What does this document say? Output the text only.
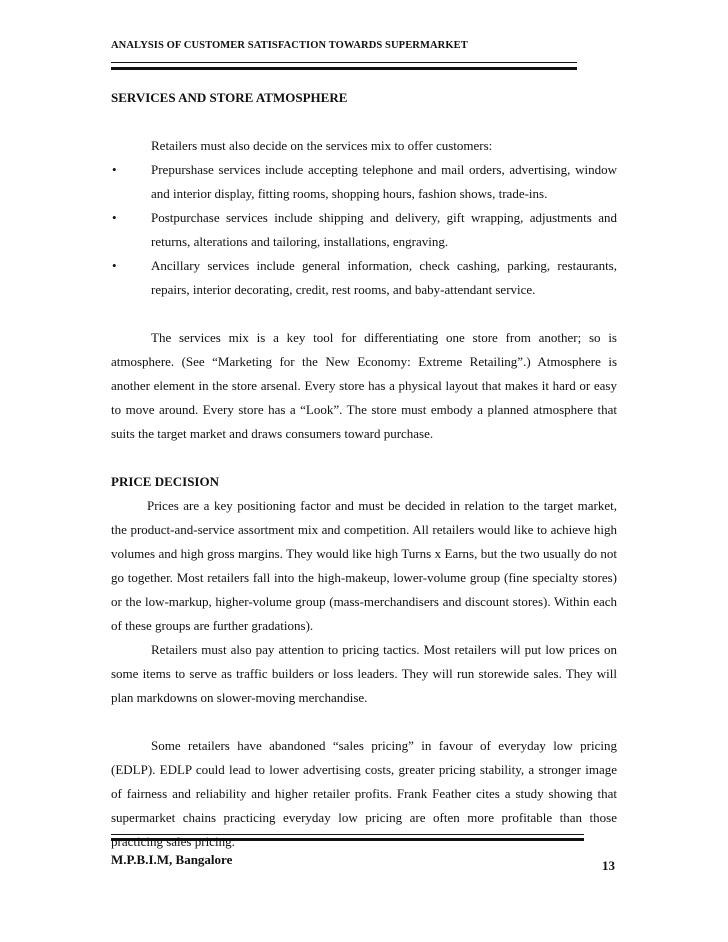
ANALYSIS OF CUSTOMER SATISFACTION TOWARDS SUPERMARKET
SERVICES AND STORE ATMOSPHERE

Retailers must also decide on the services mix to offer customers:

•	Prepurshase services include accepting telephone and mail orders, advertising, window and interior display, fitting rooms, shopping hours, fashion shows, trade-ins.
•	Postpurchase services include shipping and delivery, gift wrapping, adjustments and returns, alterations and tailoring, installations, engraving.
•	Ancillary services include general information, check cashing, parking, restaurants, repairs, interior decorating, credit, rest rooms, and baby-attendant service.

The services mix is a key tool for differentiating one store from another; so is atmosphere. (See “Marketing for the New Economy: Extreme Retailing”.) Atmosphere is another element in the store arsenal. Every store has a physical layout that makes it hard or easy to move around. Every store has a “Look”. The store must embody a planned atmosphere that suits the target market and draws consumers toward purchase.

PRICE DECISION

Prices are a key positioning factor and must be decided in relation to the target market, the product-and-service assortment mix and competition. All retailers would like to achieve high volumes and high gross margins. They would like high Turns x Earns, but the two usually do not go together. Most retailers fall into the high-makeup, lower-volume group (fine specialty stores) or the low-markup, higher-volume group (mass-merchandisers and discount stores). Within each of these groups are further gradations).

Retailers must also pay attention to pricing tactics. Most retailers will put low prices on some items to serve as traffic builders or loss leaders. They will run storewide sales. They will plan markdowns on slower-moving merchandise.

Some retailers have abandoned “sales pricing” in favour of everyday low pricing (EDLP). EDLP could lead to lower advertising costs, greater pricing stability, a stronger image of fairness and reliability and higher retailer profits. Frank Feather cites a study showing that supermarket chains practicing everyday low pricing are often more profitable than those practicing sales pricing.

M.P.B.I.M, Bangalore	13
